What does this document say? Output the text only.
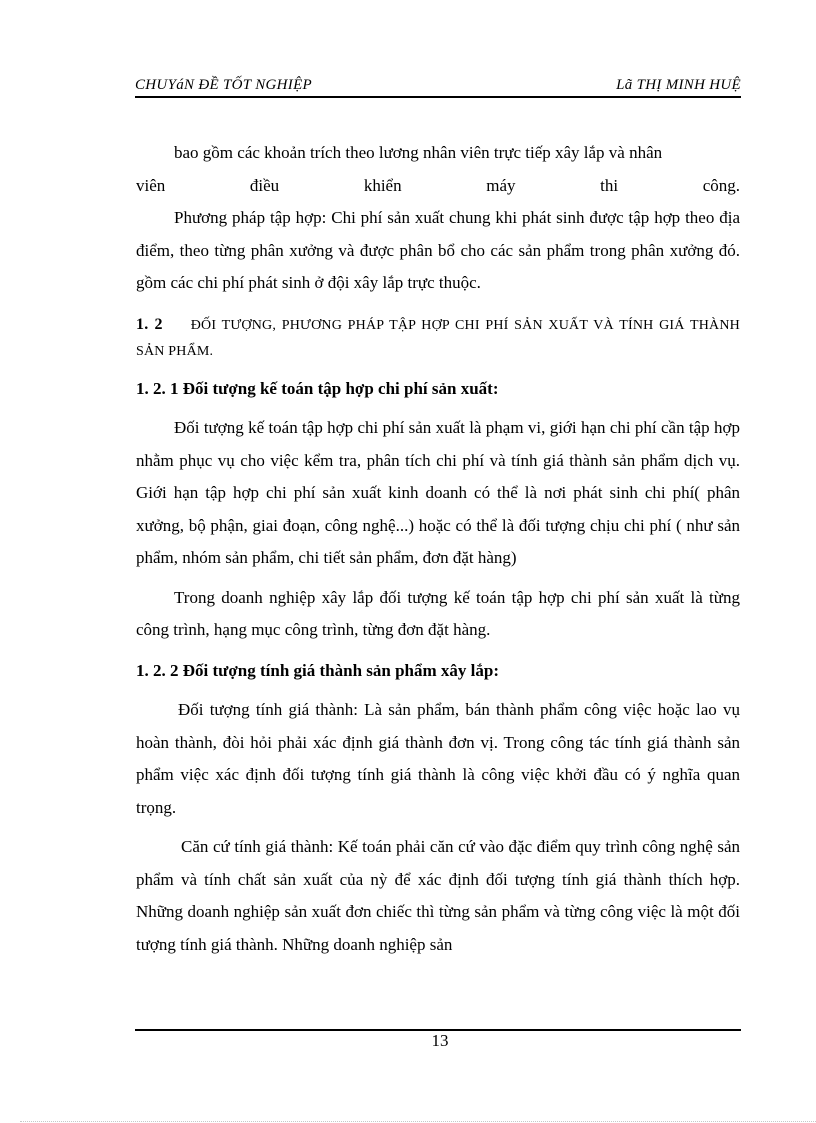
CHUYáN ĐỀ TỐT NGHIỆP	Lã THỊ MINH HUỆ

bao gồm các khoản trích theo lương nhân viên trực tiếp xây lắp và nhân

viên	điều	khiển	máy	thi	công.

Phương pháp tập hợp: Chi phí sản xuất chung khi phát sinh được tập hợp theo địa điểm, theo từng phân xưởng và được phân bổ cho các sản phẩm trong phân xưởng đó. gồm các chi phí phát sinh ở đội xây lắp trực thuộc.

1. 2 ĐỐI TƯỢNG, PHƯƠNG PHÁP TẬP HỢP CHI PHÍ SẢN XUẤT VÀ TÍNH GIÁ THÀNH SẢN PHẨM.

1. 2. 1 Đối tượng kế toán tập hợp chi phí sản xuất:

Đối tượng kế toán tập hợp chi phí sản xuất là phạm vi, giới hạn chi phí cần tập hợp nhằm phục vụ cho việc kểm tra, phân tích chi phí và tính giá thành sản phẩm dịch vụ. Giới hạn tập hợp chi phí sản xuất kinh doanh có thể là nơi phát sinh chi phí( phân xưởng, bộ phận, giai đoạn, công nghệ...) hoặc có thể là đối tượng chịu chi phí ( như sản phẩm, nhóm sản phẩm, chi tiết sản phẩm, đơn đặt hàng)

Trong doanh nghiệp xây lắp đối tượng kế toán tập hợp chi phí sản xuất là từng công trình, hạng mục công trình, từng đơn đặt hàng.

1. 2. 2 Đối tượng tính giá thành sản phẩm xây lắp:

Đối tượng tính giá thành: Là sản phẩm, bán thành phẩm công việc hoặc lao vụ hoàn thành, đòi hỏi phải xác định giá thành đơn vị. Trong công tác tính giá thành sản phẩm việc xác định đối tượng tính giá thành là công việc khởi đầu có ý nghĩa quan trọng.

Căn cứ tính giá thành: Kế toán phải căn cứ vào đặc điểm quy trình công nghệ sản phẩm và tính chất sản xuất của nỳ để xác định đối tượng tính giá thành thích hợp. Những doanh nghiệp sản xuất đơn chiếc thì từng sản phẩm và từng công việc là một đối tượng tính giá thành. Những doanh nghiệp sản

13
